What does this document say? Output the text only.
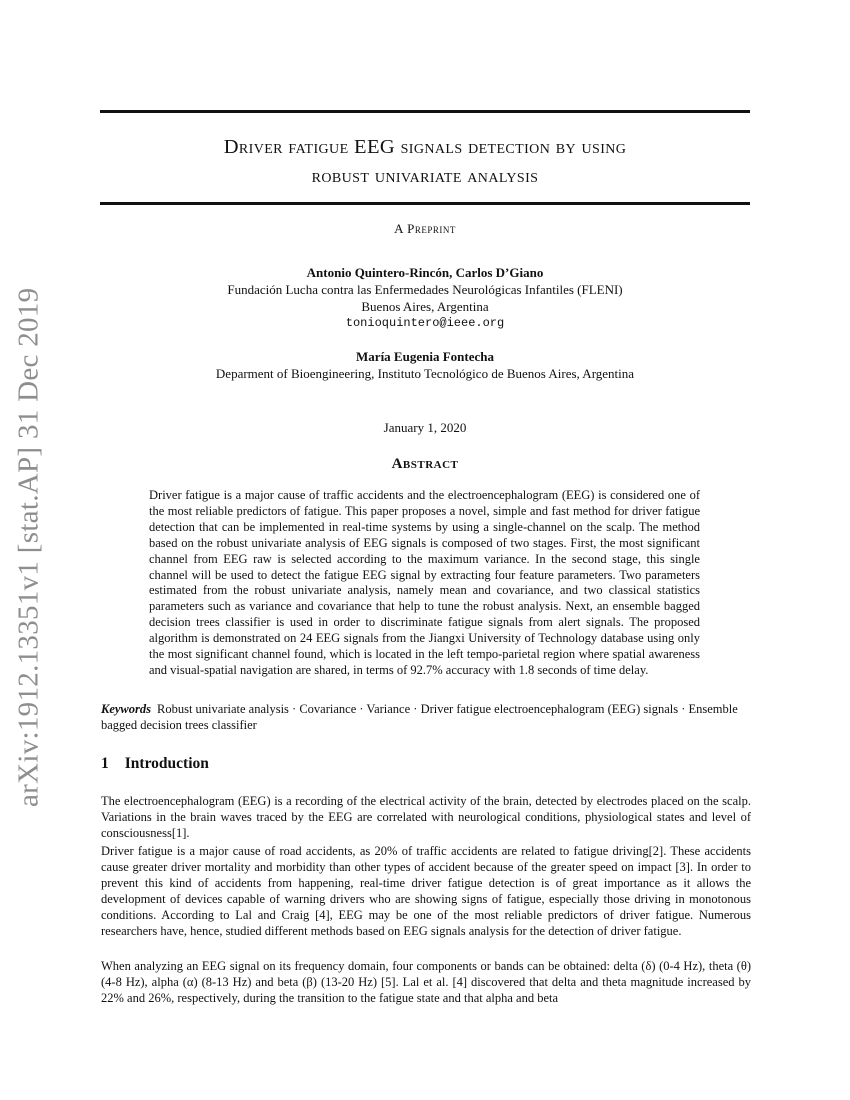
arXiv:1912.13351v1 [stat.AP] 31 Dec 2019
Driver fatigue EEG signals detection by using
robust univariate analysis
A Preprint
Antonio Quintero-Rincón, Carlos D’Giano
Fundación Lucha contra las Enfermedades Neurológicas Infantiles (FLENI)
Buenos Aires, Argentina
tonioquintero@ieee.org
María Eugenia Fontecha
Deparment of Bioengineering, Instituto Tecnológico de Buenos Aires, Argentina
January 1, 2020
Abstract

Driver fatigue is a major cause of traffic accidents and the electroencephalogram (EEG) is considered one of the most reliable predictors of fatigue. This paper proposes a novel, simple and fast method for driver fatigue detection that can be implemented in real-time systems by using a single-channel on the scalp. The method based on the robust univariate analysis of EEG signals is composed of two stages. First, the most significant channel from EEG raw is selected according to the maximum variance. In the second stage, this single channel will be used to detect the fatigue EEG signal by extracting four feature parameters. Two parameters estimated from the robust univariate analysis, namely mean and covariance, and two classical statistics parameters such as variance and covariance that help to tune the robust analysis. Next, an ensemble bagged decision trees classifier is used in order to discriminate fatigue signals from alert signals. The proposed algorithm is demonstrated on 24 EEG signals from the Jiangxi University of Technology database using only the most significant channel found, which is located in the left tempo-parietal region where spatial awareness and visual-spatial navigation are shared, in terms of 92.7% accuracy with 1.8 seconds of time delay.

Keywords Robust univariate analysis · Covariance · Variance · Driver fatigue electroencephalogram (EEG) signals · Ensemble bagged decision trees classifier

1 Introduction

The electroencephalogram (EEG) is a recording of the electrical activity of the brain, detected by electrodes placed on the scalp. Variations in the brain waves traced by the EEG are correlated with neurological conditions, physiological states and level of consciousness[1].

Driver fatigue is a major cause of road accidents, as 20% of traffic accidents are related to fatigue driving[2]. These accidents cause greater driver mortality and morbidity than other types of accident because of the greater speed on impact [3]. In order to prevent this kind of accidents from happening, real-time driver fatigue detection is of great importance as it allows the development of devices capable of warning drivers who are showing signs of fatigue, especially those driving in monotonous conditions. According to Lal and Craig [4], EEG may be one of the most reliable predictors of driver fatigue. Numerous researchers have, hence, studied different methods based on EEG signals analysis for the detection of driver fatigue.

When analyzing an EEG signal on its frequency domain, four components or bands can be obtained: delta (δ) (0-4 Hz), theta (θ) (4-8 Hz), alpha (α) (8-13 Hz) and beta (β) (13-20 Hz) [5]. Lal et al. [4] discovered that delta and theta magnitude increased by 22% and 26%, respectively, during the transition to the fatigue state and that alpha and beta
